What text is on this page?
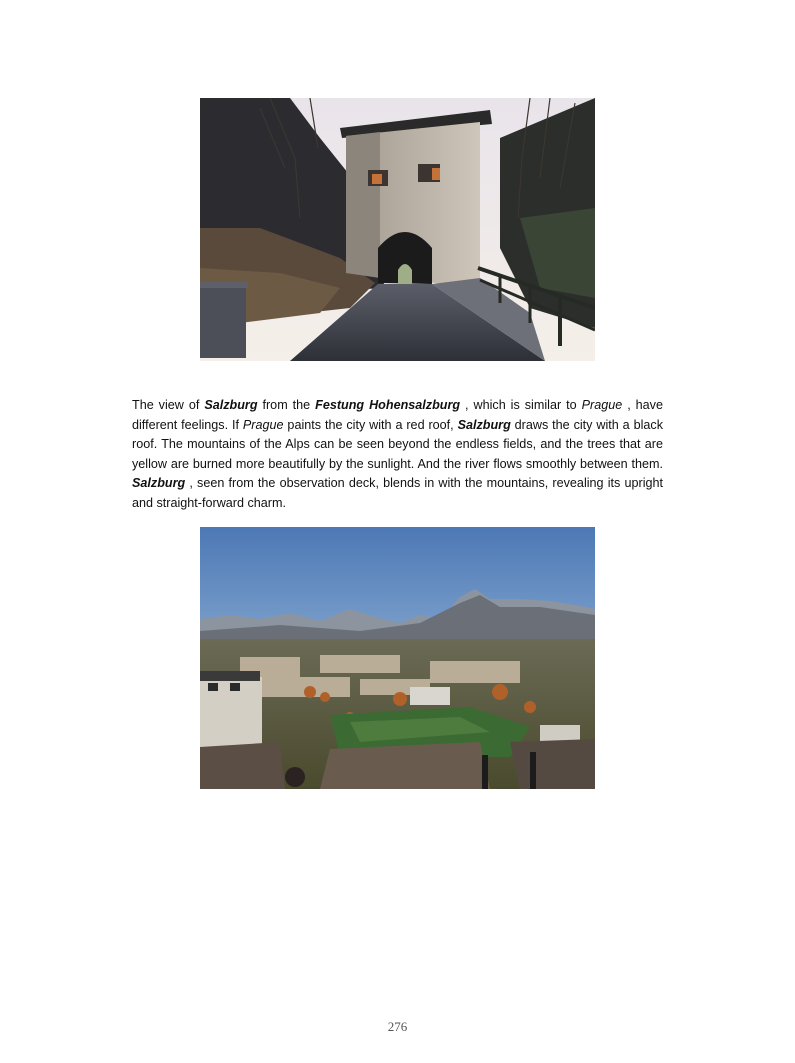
The view of Salzburg from the Festung Hohensalzburg , which is similar to Prague , have different feelings. If Prague paints the city with a red roof, Salzburg draws the city with a black roof. The mountains of the Alps can be seen beyond the endless fields, and the trees that are yellow are burned more beautifully by the sunlight. And the river flows smoothly between them. Salzburg , seen from the observation deck, blends in with the mountains, revealing its upright and straight-forward charm.

276
